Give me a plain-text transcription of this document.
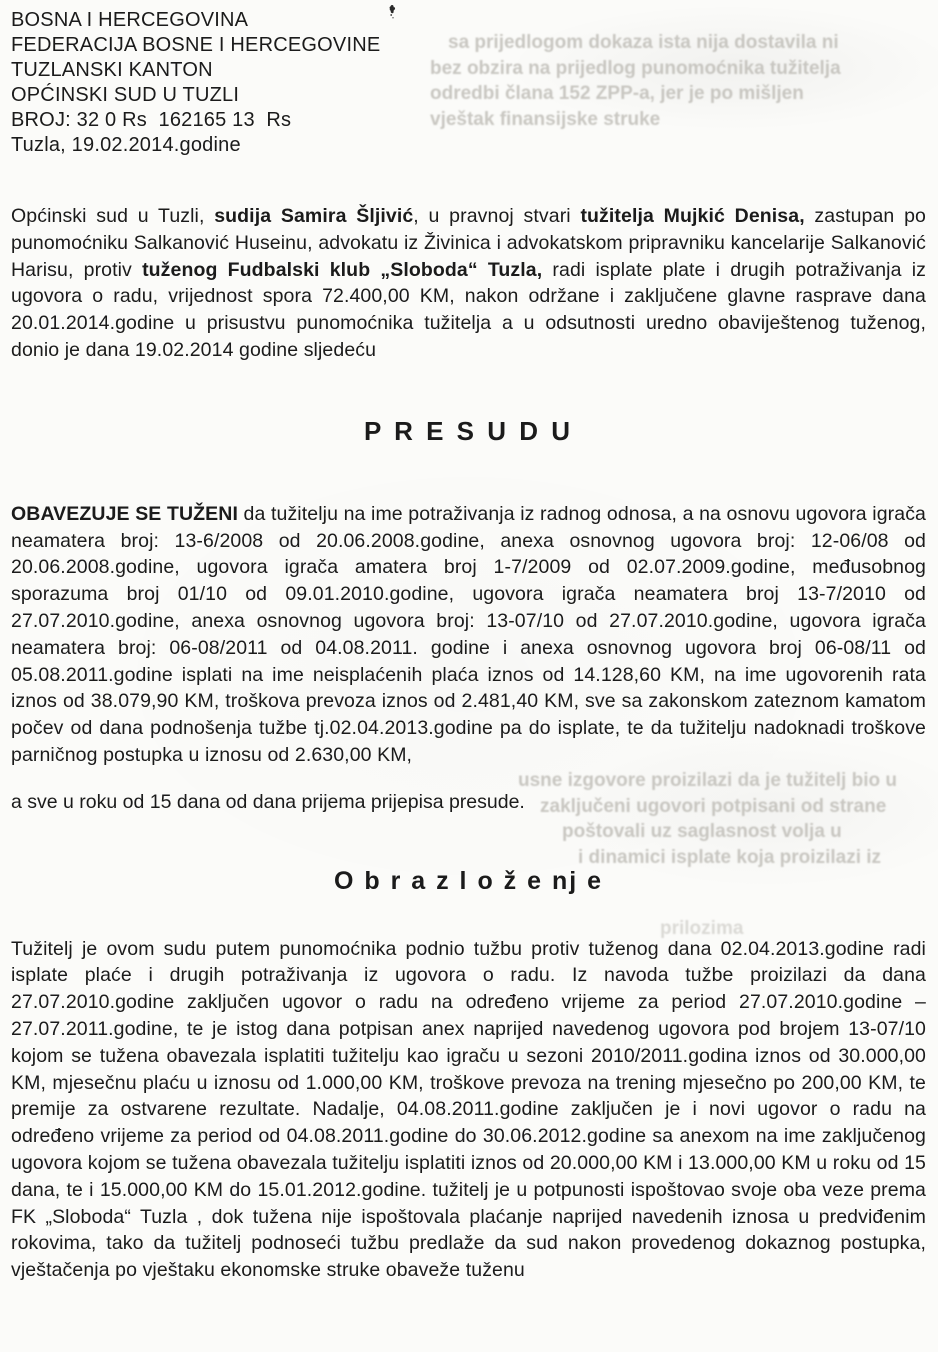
sa prijedlogom dokaza ista nija dostavila ni
bez obzira na prijedlog punomoćnika tužitelja
odredbi člana 152 ZPP-a, jer je po mišljen
vještak finansijske struke
usne izgovore proizilazi da je tužitelj bio u
zaključeni ugovori potpisani od strane
poštovali uz saglasnost volja u
i dinamici isplate koja proizilazi iz
prilozima
BOSNA I HERCEGOVINA
FEDERACIJA BOSNE I HERCEGOVINE
TUZLANSKI KANTON
OPĆINSKI SUD U TUZLI
BROJ: 32 0 Rs  162165 13  Rs
Tuzla, 19.02.2014.godine

Općinski sud u Tuzli, sudija Samira Šljivić, u pravnoj stvari tužitelja Mujkić Denisa, zastupan po punomoćniku Salkanović Huseinu, advokatu iz Živinica i advokatskom pripravniku kancelarije Salkanović Harisu, protiv tuženog Fudbalski klub „Sloboda“ Tuzla, radi isplate plate i drugih potraživanja iz ugovora o radu, vrijednost spora 72.400,00 KM, nakon održane i zaključene glavne rasprave dana 20.01.2014.godine u prisustvu punomoćnika tužitelja a u odsutnosti uredno obaviještenog tuženog, donio je dana 19.02.2014 godine sljedeću

P R E S U D U

OBAVEZUJE SE TUŽENI da tužitelju na ime potraživanja iz radnog odnosa, a na osnovu ugovora igrača neamatera broj: 13-6/2008 od 20.06.2008.godine, anexa osnovnog ugovora broj: 12-06/08 od 20.06.2008.godine, ugovora igrača amatera broj 1-7/2009 od 02.07.2009.godine, međusobnog sporazuma broj 01/10 od 09.01.2010.godine, ugovora igrača neamatera broj 13-7/2010 od 27.07.2010.godine, anexa osnovnog ugovora broj: 13-07/10 od 27.07.2010.godine, ugovora igrača neamatera broj: 06-08/2011 od 04.08.2011. godine i anexa osnovnog ugovora broj 06-08/11 od 05.08.2011.godine isplati na ime neisplaćenih plaća iznos od 14.128,60 KM, na ime ugovorenih rata iznos od 38.079,90 KM, troškova prevoza iznos od 2.481,40 KM, sve sa zakonskom zateznom kamatom počev od dana podnošenja tužbe tj.02.04.2013.godine pa do isplate, te da tužitelju nadoknadi troškove parničnog postupka u iznosu od 2.630,00 KM,

a sve u roku od 15 dana od dana prijema prijepisa presude.

O b r a z l o ž e nj e

Tužitelj je ovom sudu putem punomoćnika podnio tužbu protiv tuženog dana 02.04.2013.godine radi isplate plaće i drugih potraživanja iz ugovora o radu. Iz navoda tužbe proizilazi da dana 27.07.2010.godine zaključen ugovor o radu na određeno vrijeme za period 27.07.2010.godine – 27.07.2011.godine, te je istog dana potpisan anex naprijed navedenog ugovora pod brojem 13-07/10 kojom se tužena obavezala isplatiti tužitelju kao igraču u sezoni 2010/2011.godina iznos od 30.000,00 KM, mjesečnu plaću u iznosu od 1.000,00 KM, troškove prevoza na trening mjesečno po 200,00 KM, te premije za ostvarene rezultate. Nadalje, 04.08.2011.godine zaključen je i novi ugovor o radu na određeno vrijeme za period od 04.08.2011.godine do 30.06.2012.godine sa anexom na ime zaključenog ugovora kojom se tužena obavezala tužitelju isplatiti iznos od 20.000,00 KM i 13.000,00 KM u roku od 15 dana, te i 15.000,00 KM do 15.01.2012.godine. tužitelj je u potpunosti ispoštovao svoje oba veze prema FK „Sloboda“ Tuzla , dok tužena nije ispoštovala plaćanje naprijed navedenih iznosa u predviđenim rokovima, tako da tužitelj podnoseći tužbu predlaže da sud nakon provedenog dokaznog postupka, vještačenja po vještaku ekonomske struke obaveže tuženu
